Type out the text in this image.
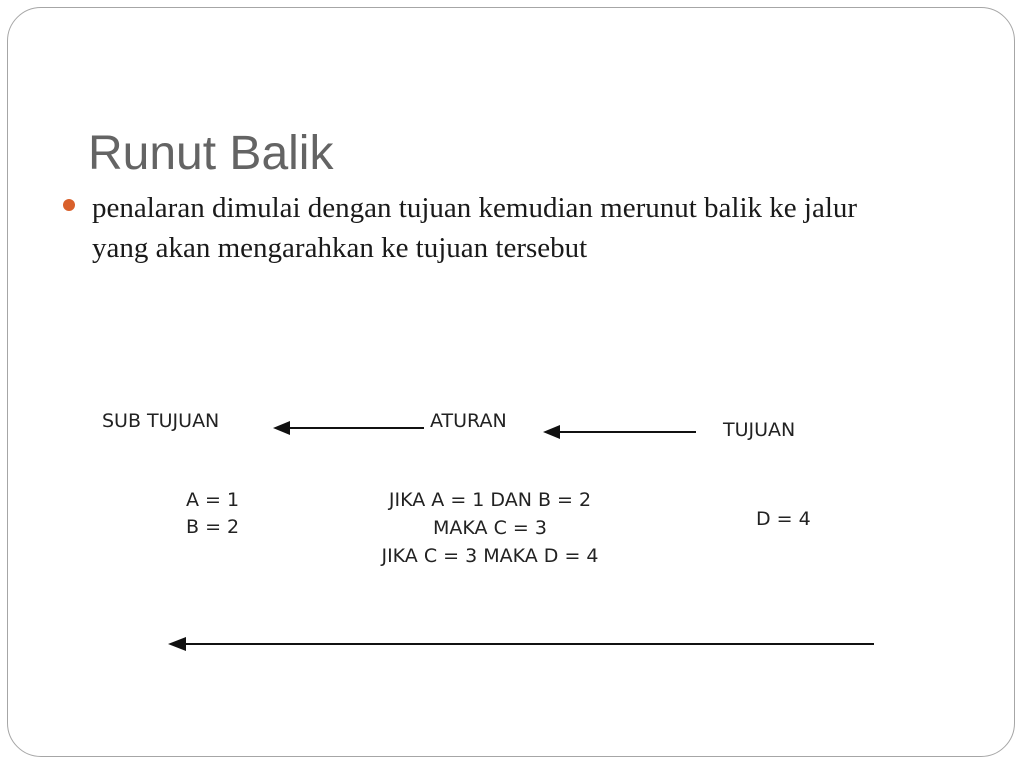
Runut Balik

penalaran dimulai dengan tujuan kemudian merunut balik ke jalur yang akan mengarahkan ke tujuan tersebut

SUB TUJUAN	ATURAN	TUJUAN
A = 1
B = 2
JIKA A = 1 DAN B = 2
MAKA C = 3
JIKA C = 3 MAKA D = 4
D = 4
